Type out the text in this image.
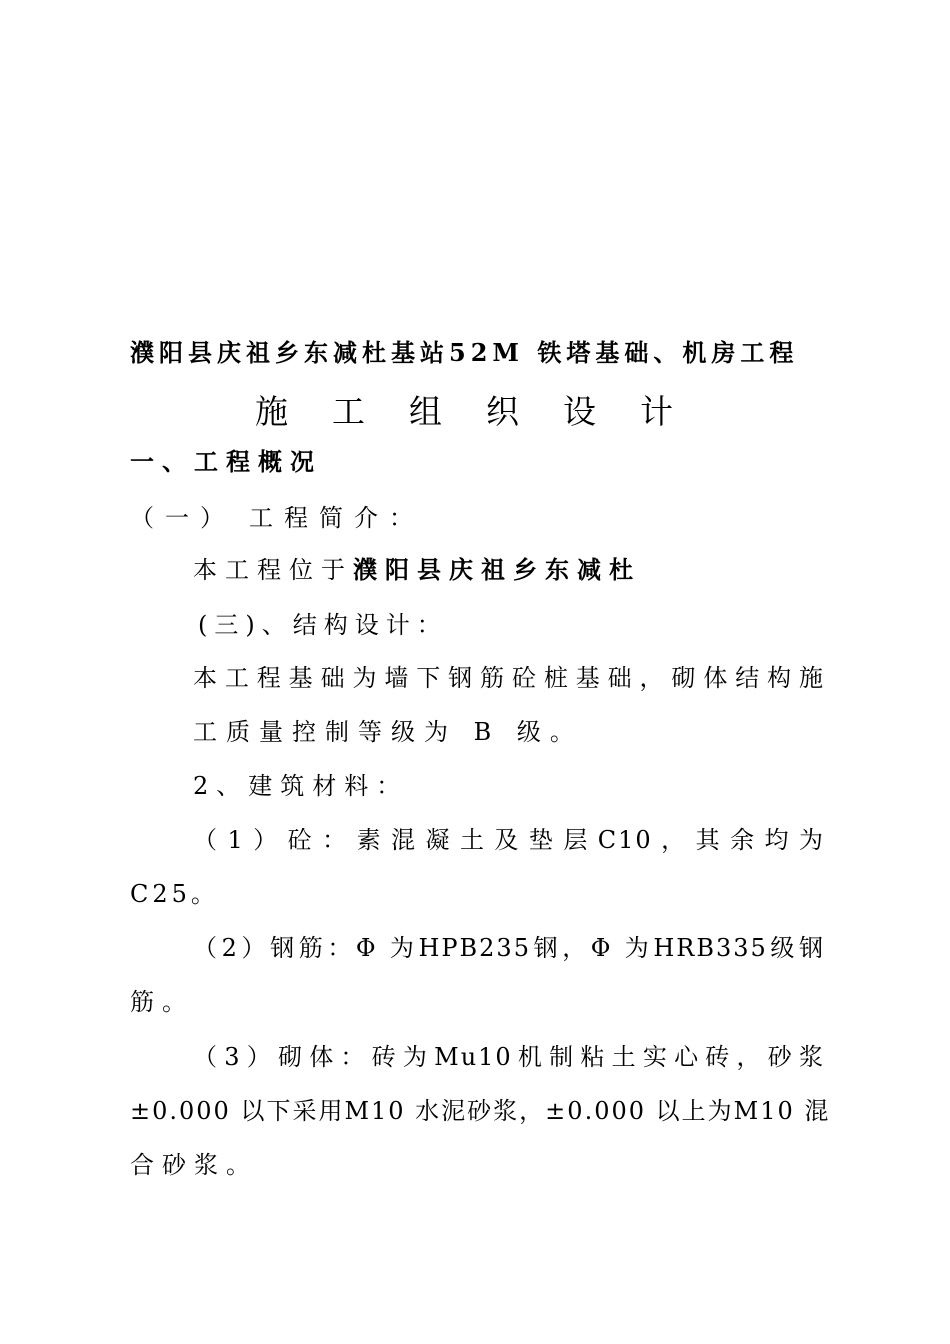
濮阳县庆祖乡东减杜基站52M 铁塔基础、机房工程
施工组织设计
一、工程概况
（一） 工程简介：
本工程位于濮阳县庆祖乡东减杜
(三)、结构设计：
本工程基础为墙下钢筋砼桩基础，砌体结构施
工质量控制等级为 B 级。
2、建筑材料：
（1）砼：素混凝土及垫层C10，其余均为
C25。
（2）钢筋：Φ 为HPB235钢，Φ 为HRB335级钢
筋。
（3）砌体：砖为Mu10机制粘土实心砖，砂浆
±0.000 以下采用M10 水泥砂浆，±0.000 以上为M10 混
合砂浆。
